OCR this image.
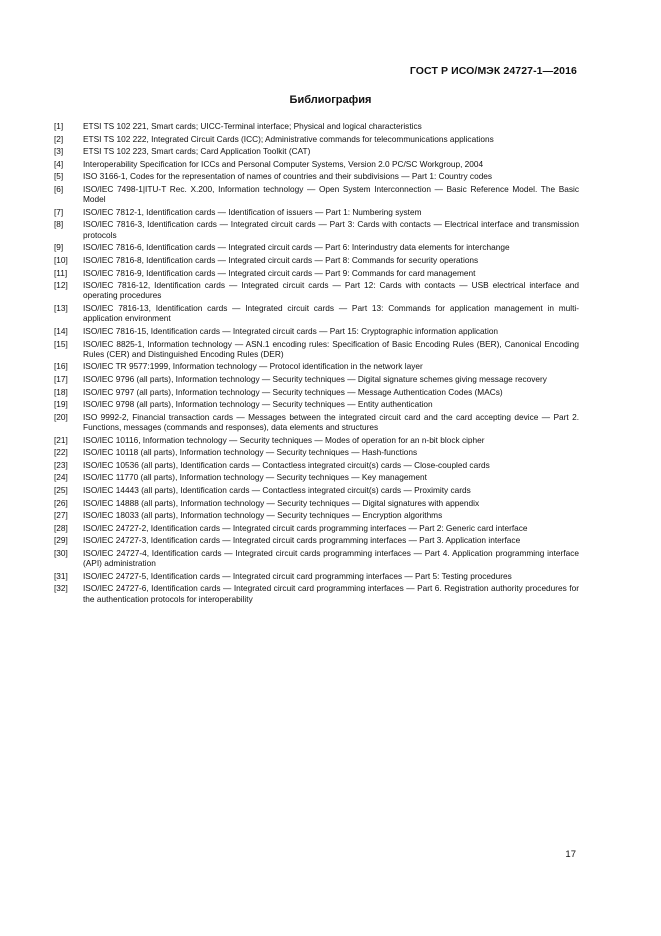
ГОСТ Р ИСО/МЭК 24727-1—2016
Библиография
[1]	ETSI TS 102 221, Smart cards; UICC-Terminal interface; Physical and logical characteristics
[2]	ETSI TS 102 222, Integrated Circuit Cards (ICC); Administrative commands for telecommunications applications
[3]	ETSI TS 102 223, Smart cards; Card Application Toolkit (CAT)
[4]	Interoperability Specification for ICCs and Personal Computer Systems, Version 2.0 PC/SC Workgroup, 2004
[5]	ISO 3166-1, Codes for the representation of names of countries and their subdivisions — Part 1: Country codes
[6]	ISO/IEC 7498-1|ITU-T Rec. X.200, Information technology — Open System Interconnection — Basic Reference Model. The Basic Model
[7]	ISO/IEC 7812-1, Identification cards — Identification of issuers — Part 1: Numbering system
[8]	ISO/IEC 7816-3, Identification cards — Integrated circuit cards — Part 3: Cards with contacts — Electrical interface and transmission protocols
[9]	ISO/IEC 7816-6, Identification cards — Integrated circuit cards — Part 6: Interindustry data elements for interchange
[10]	ISO/IEC 7816-8, Identification cards — Integrated circuit cards — Part 8: Commands for security operations
[11]	ISO/IEC 7816-9, Identification cards — Integrated circuit cards — Part 9: Commands for card management
[12]	ISO/IEC 7816-12, Identification cards — Integrated circuit cards — Part 12: Cards with contacts — USB electrical interface and operating procedures
[13]	ISO/IEC 7816-13, Identification cards — Integrated circuit cards — Part 13: Commands for application management in multi-application environment
[14]	ISO/IEC 7816-15, Identification cards — Integrated circuit cards — Part 15: Cryptographic information application
[15]	ISO/IEC 8825-1, Information technology — ASN.1 encoding rules: Specification of Basic Encoding Rules (BER), Canonical Encoding Rules (CER) and Distinguished Encoding Rules (DER)
[16]	ISO/IEC TR 9577:1999, Information technology — Protocol identification in the network layer
[17]	ISO/IEC 9796 (all parts), Information technology — Security techniques — Digital signature schemes giving message recovery
[18]	ISO/IEC 9797 (all parts), Information technology — Security techniques — Message Authentication Codes (MACs)
[19]	ISO/IEC 9798 (all parts), Information technology — Security techniques — Entity authentication
[20]	ISO 9992-2, Financial transaction cards — Messages between the integrated circuit card and the card accepting device — Part 2. Functions, messages (commands and responses), data elements and structures
[21]	ISO/IEC 10116, Information technology — Security techniques — Modes of operation for an n-bit block cipher
[22]	ISO/IEC 10118 (all parts), Information technology — Security techniques — Hash-functions
[23]	ISO/IEC 10536 (all parts), Identification cards — Contactless integrated circuit(s) cards — Close-coupled cards
[24]	ISO/IEC 11770 (all parts), Information technology — Security techniques — Key management
[25]	ISO/IEC 14443 (all parts), Identification cards — Contactless integrated circuit(s) cards — Proximity cards
[26]	ISO/IEC 14888 (all parts), Information technology — Security techniques — Digital signatures with appendix
[27]	ISO/IEC 18033 (all parts), Information technology — Security techniques — Encryption algorithms
[28]	ISO/IEC 24727-2, Identification cards — Integrated circuit cards programming interfaces — Part 2: Generic card interface
[29]	ISO/IEC 24727-3, Identification cards — Integrated circuit cards programming interfaces — Part 3. Application interface
[30]	ISO/IEC 24727-4, Identification cards — Integrated circuit cards programming interfaces — Part 4. Application programming interface (API) administration
[31]	ISO/IEC 24727-5, Identification cards — Integrated circuit card programming interfaces — Part 5: Testing procedures
[32]	ISO/IEC 24727-6, Identification cards — Integrated circuit card programming interfaces — Part 6. Registration authority procedures for the authentication protocols for interoperability
17
